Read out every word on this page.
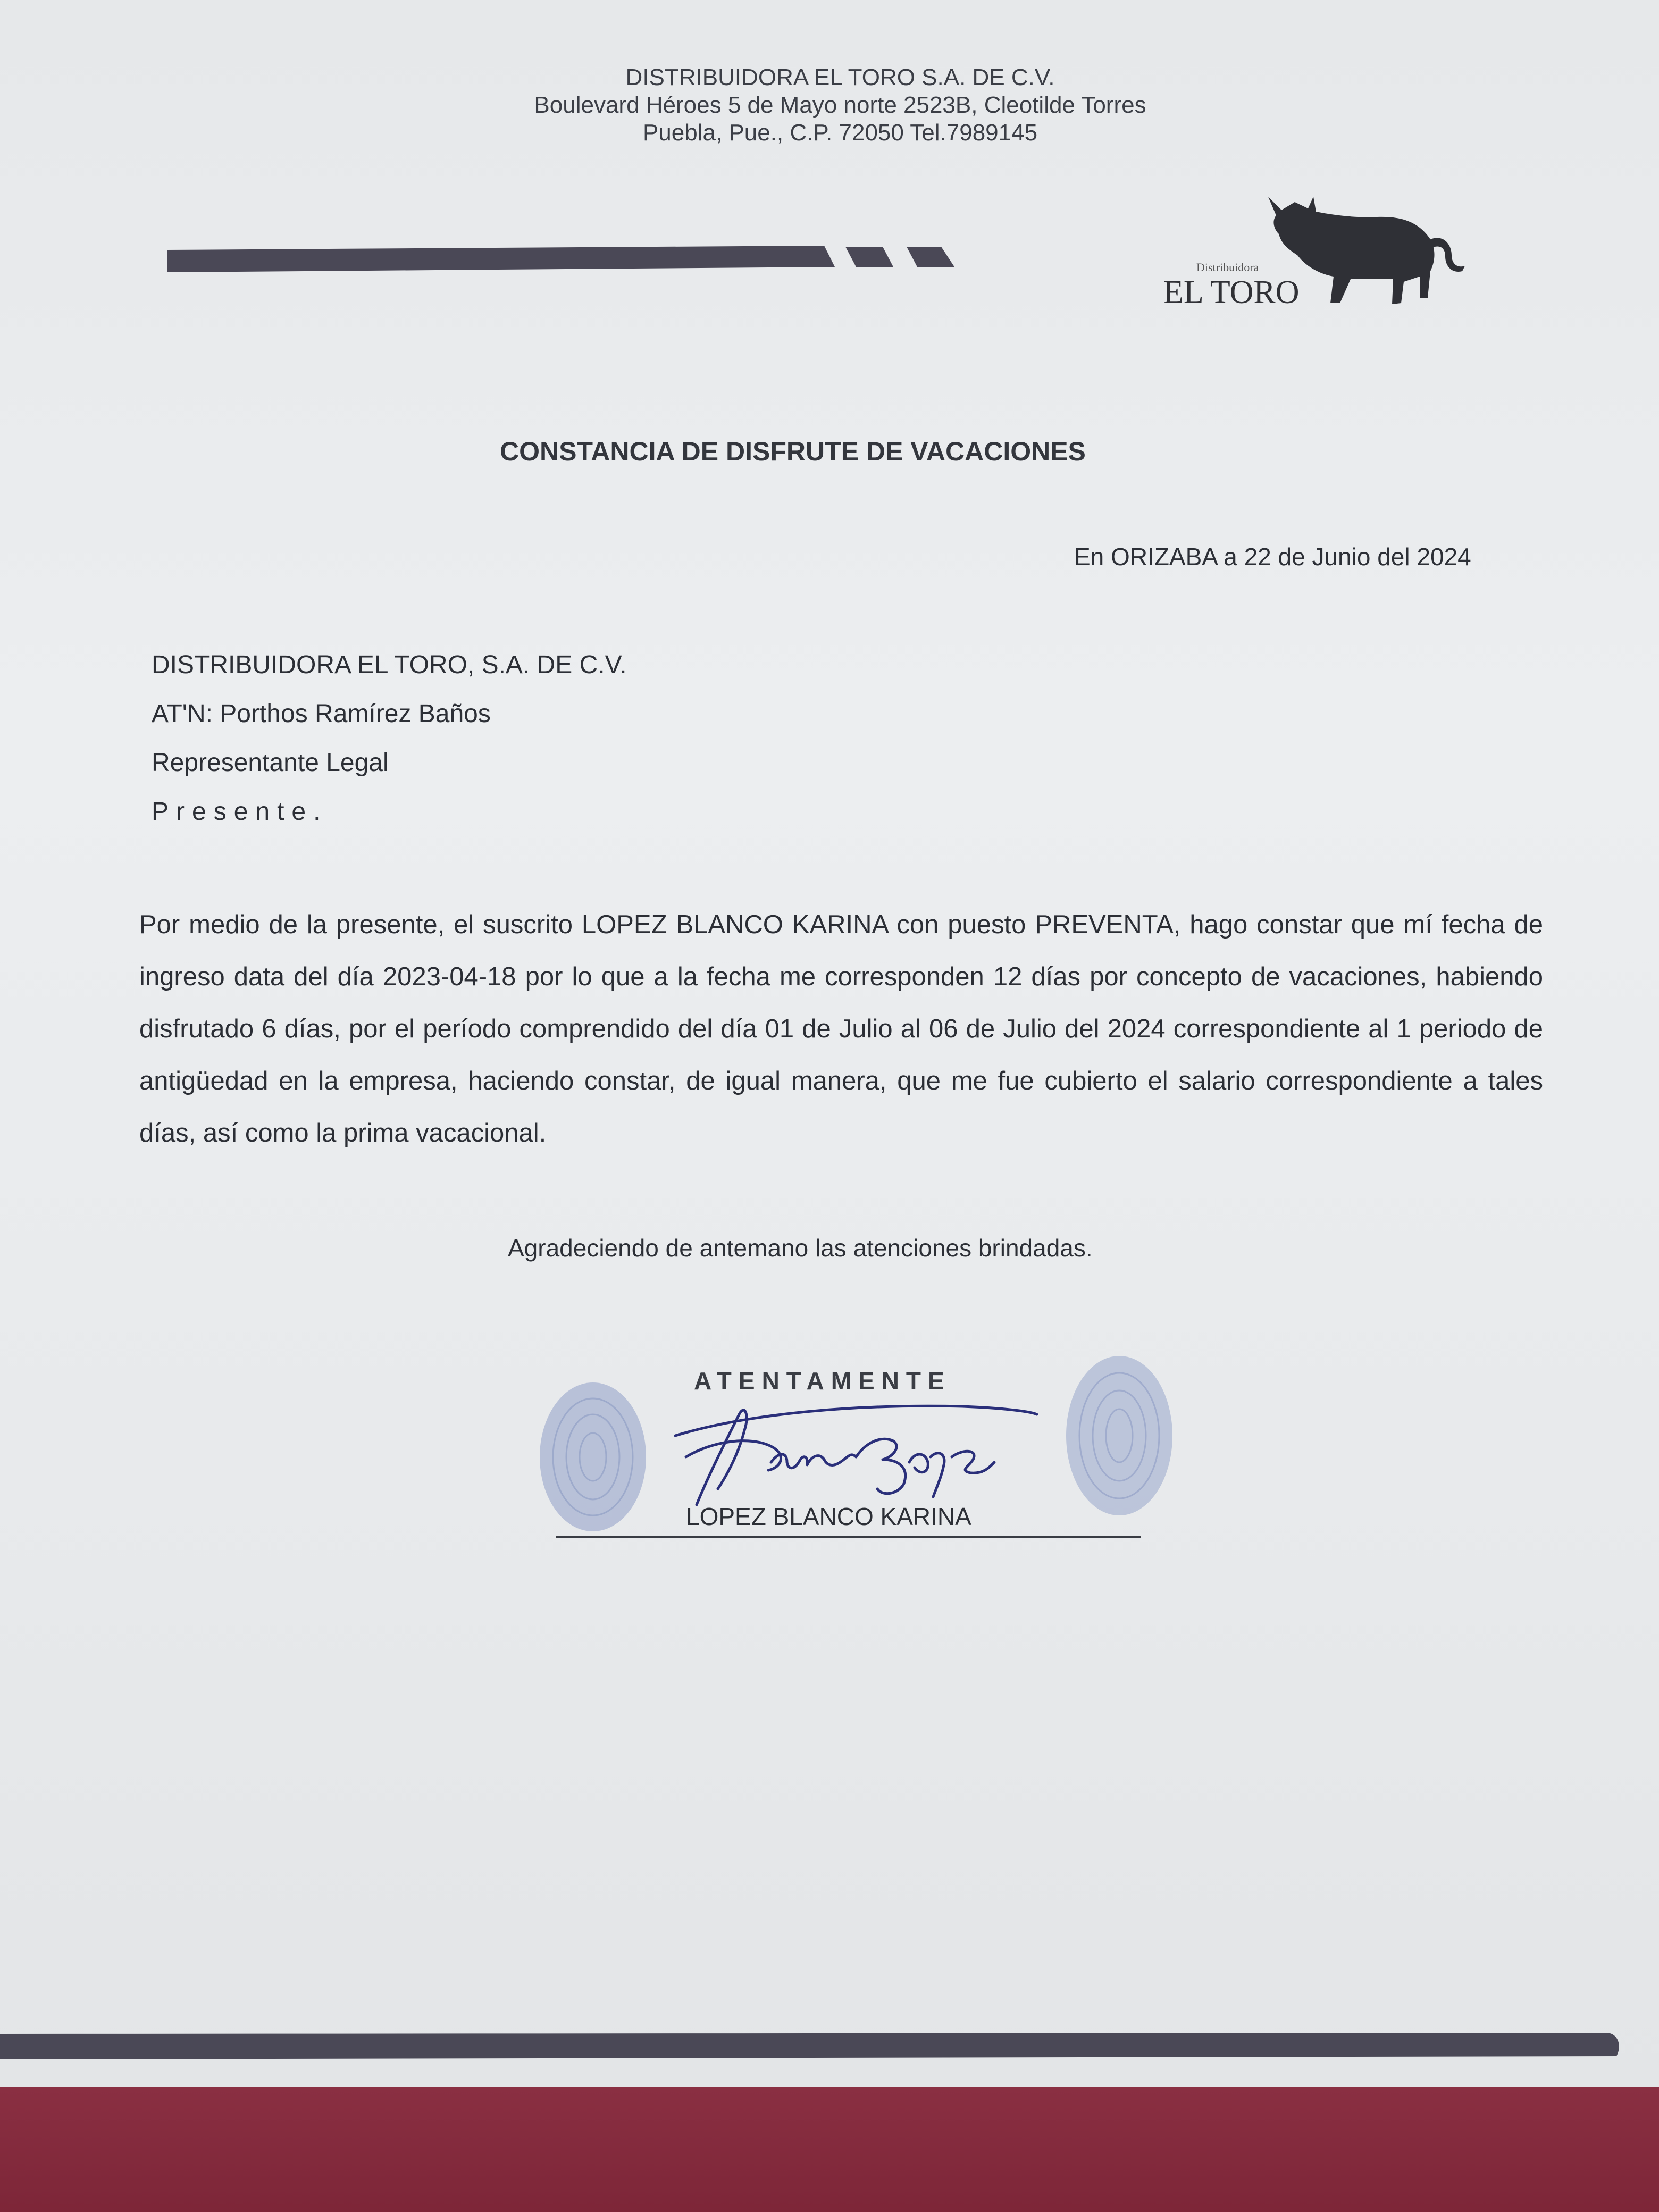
DISTRIBUIDORA EL TORO S.A. DE C.V.
Boulevard Héroes 5 de Mayo norte 2523B, Cleotilde Torres
Puebla, Pue., C.P. 72050 Tel.7989145
Distribuidora
EL TORO
CONSTANCIA DE DISFRUTE DE VACACIONES
En ORIZABA a 22 de Junio del 2024
DISTRIBUIDORA EL TORO, S.A. DE C.V.
AT'N: Porthos Ramírez Baños
Representante Legal
Presente.
Por medio de la presente, el suscrito LOPEZ BLANCO KARINA con puesto PREVENTA, hago constar que mí fecha de ingreso data del día 2023-04-18 por lo que a la fecha me corresponden 12 días por concepto de vacaciones, habiendo disfrutado 6 días, por el período comprendido del día 01 de Julio al 06 de Julio del 2024 correspondiente al 1 periodo de antigüedad en la empresa, haciendo constar, de igual manera, que me fue cubierto el salario correspondiente a tales días, así como la prima vacacional.
Agradeciendo de antemano las atenciones brindadas.
ATENTAMENTE
LOPEZ BLANCO KARINA
